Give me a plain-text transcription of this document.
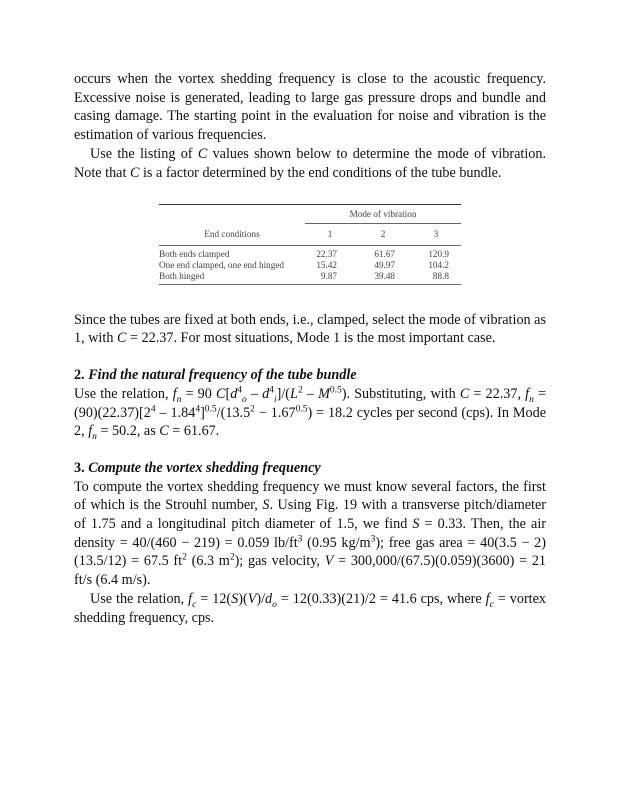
occurs when the vortex shedding frequency is close to the acoustic frequency. Excessive noise is generated, leading to large gas pressure drops and bundle and casing damage. The starting point in the evaluation for noise and vibration is the estimation of various frequencies.

Use the listing of C values shown below to determine the mode of vibration. Note that C is a factor determined by the end conditions of the tube bundle.

	Mode of vibration		
End conditions	1	2	3
Both ends clamped	22.37	61.67	120.9
One end clamped, one end hinged	15.42	49.97	104.2
Both hinged	9.87	39.48	88.8

Since the tubes are fixed at both ends, i.e., clamped, select the mode of vibration as 1, with C = 22.37. For most situations, Mode 1 is the most important case.

2. Find the natural frequency of the tube bundle

Use the relation, $f_n = 90$ $C[d^4_o - d^4_i]/(L^2 - M^{0.5})$. Substituting, with C = 22.37, $f_n = (90)(22.37)[2^4 - 1.84^4]^{0.5}/(13.5^2 - 1.67^{0.5}) = 18.2$ cycles per second (cps). In Mode 2, $f_n = 50.2$, as C = 61.67.

3. Compute the vortex shedding frequency

To compute the vortex shedding frequency we must know several factors, the first of which is the Strouhl number, S. Using Fig. 19 with a transverse pitch/diameter of 1.75 and a longitudinal pitch diameter of 1.5, we find S = 0.33. Then, the air density = 40/(460 − 219) = 0.059 $lb/ft^3$ (0.95 $kg/m^3$); free gas area = 40(3.5 − 2)(13.5/12) = 67.5 $ft^2$ (6.3 $m^2$); gas velocity, V = 300,000/(67.5)(0.059)(3600) = 21 ft/s (6.4 m/s).

Use the relation, $f_c = 12(S)(V)/d_o = 12(0.33)(21)/2 = 41.6$ cps, where $f_c$ = vortex shedding frequency, cps.
